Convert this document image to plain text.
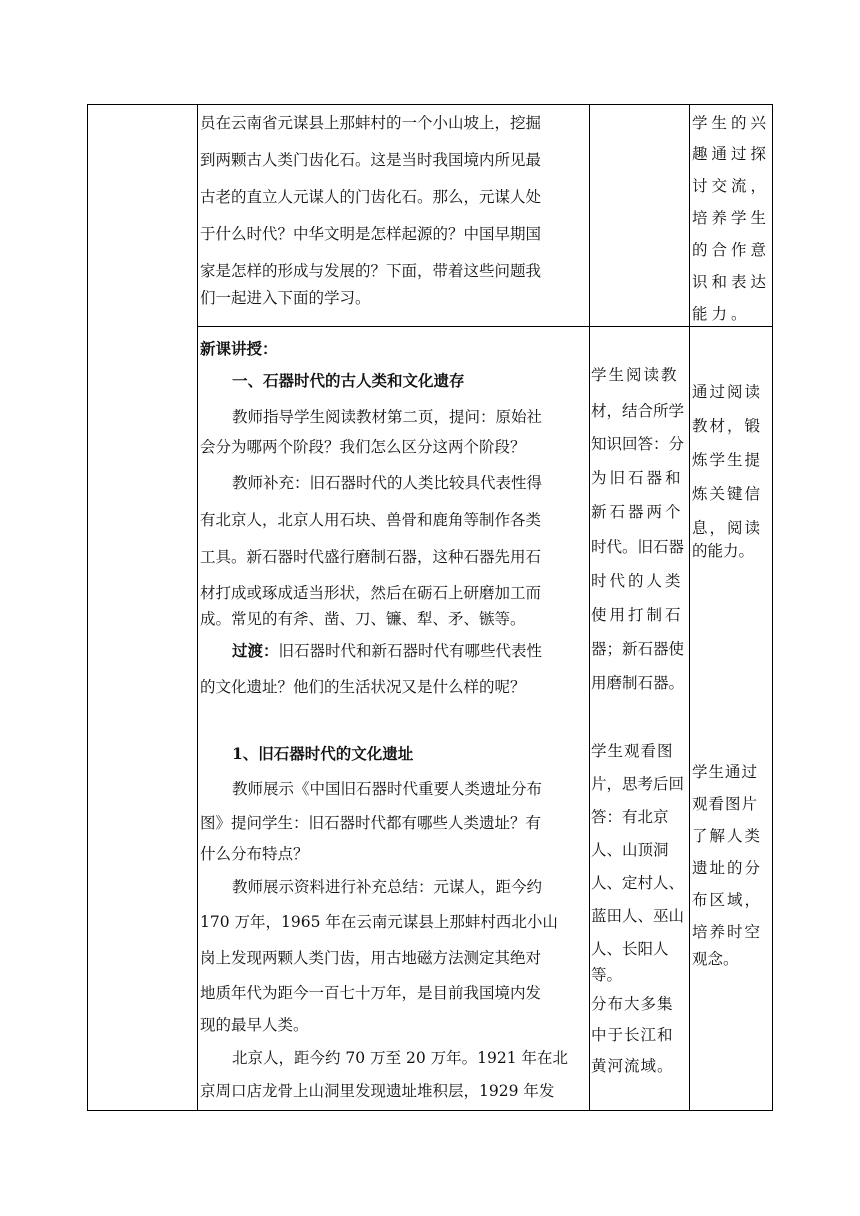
员在云南省元谋县上那蚌村的一个小山坡上，挖掘
到两颗古人类门齿化石。这是当时我国境内所见最
古老的直立人元谋人的门齿化石。那么，元谋人处
于什么时代？中华文明是怎样起源的？中国早期国
家是怎样的形成与发展的？下面，带着这些问题我
们一起进入下面的学习。
学生的兴
趣通过探
讨交流，
培养学生
的合作意
识和表达
能力。
新课讲授：
一、石器时代的古人类和文化遗存
教师指导学生阅读教材第二页，提问：原始社
会分为哪两个阶段？我们怎么区分这两个阶段？
教师补充：旧石器时代的人类比较具代表性得
有北京人，北京人用石块、兽骨和鹿角等制作各类
工具。新石器时代盛行磨制石器，这种石器先用石
材打成或琢成适当形状，然后在砺石上研磨加工而
成。常见的有斧、凿、刀、镰、犁、矛、镞等。
过渡：旧石器时代和新石器时代有哪些代表性
的文化遗址？他们的生活状况又是什么样的呢？
1、旧石器时代的文化遗址
教师展示《中国旧石器时代重要人类遗址分布
图》提问学生：旧石器时代都有哪些人类遗址？有
什么分布特点？
教师展示资料进行补充总结：元谋人，距今约
170 万年，1965 年在云南元谋县上那蚌村西北小山
岗上发现两颗人类门齿，用古地磁方法测定其绝对
地质年代为距今一百七十万年，是目前我国境内发
现的最早人类。
北京人，距今约 70 万至 20 万年。1921 年在北
京周口店龙骨上山洞里发现遗址堆积层，1929 年发
学生阅读教
材，结合所学
知识回答：分
为旧石器和
新石器两个
时代。旧石器
时代的人类
使用打制石
器；新石器使
用磨制石器。
学生观看图
片，思考后回
答：有北京
人、山顶洞
人、定村人、
蓝田人、巫山
人、长阳人
等。
分布大多集
中于长江和
黄河流域。
通过阅读
教材，锻
炼学生提
炼关键信
息，阅读
的能力。
学生通过
观看图片
了解人类
遗址的分
布区域，
培养时空
观念。
